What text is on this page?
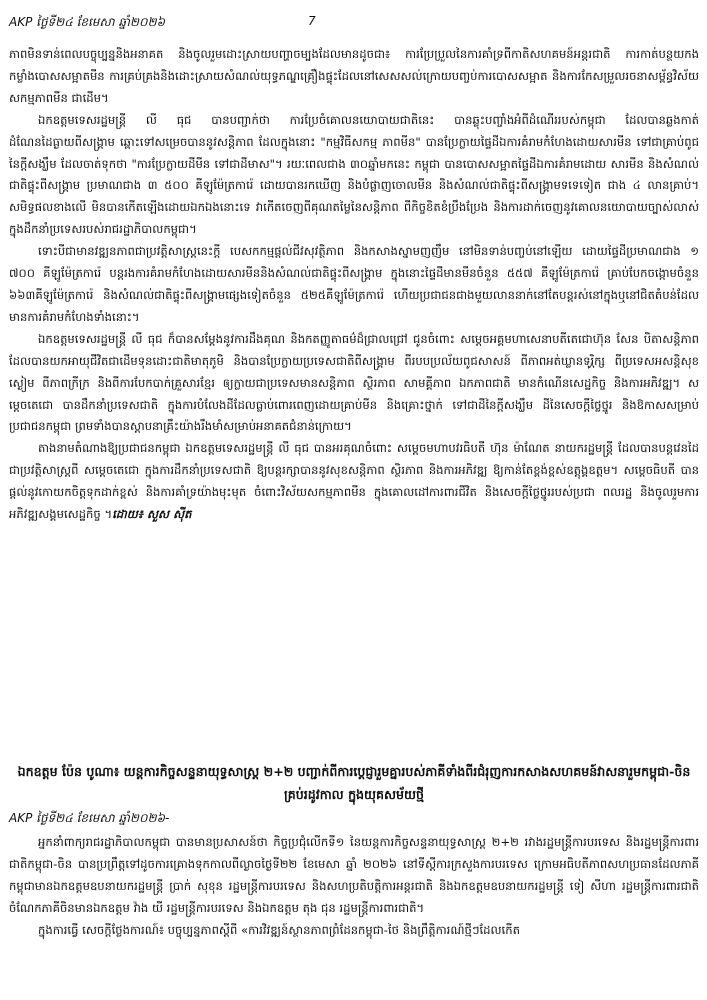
AKP ថ្ងៃទី២៤ ខែមេសា ឆ្នាំ២០២៦	7

ភាពមិនទាន់ពេលបច្ចុប្បន្ននិងអនាគត និងចូលរួមដោះស្រាយបញ្ហាចម្បងដែលមានដូចជា៖ ការប្រែប្រួលនៃការគាំទ្រពីកាតិសហគមន៍អន្តរជាតិ ការកាត់បន្ថយកងកម្លាំងបោសសម្អាតមីន ការគ្រប់គ្រងនិងដោះស្រាយសំណល់យុទ្ធភណ្ឌគ្រឿងផ្ទុះដែលនៅសេសសល់ក្រោយបញ្ចប់ការបោសសម្អាត និងការកែសម្រួលរចនាសម្ព័ន្ធវិស័យសកម្មភាពមីន ជាដើម។

ឯកឧត្តមទេសរដ្ឋមន្ត្រី លី ធុជ បានបញ្ជាក់ថា ការប្រែចំគោលនយោបាយជាតិនេះ បានឆ្លុះបញ្ចាំងអំពីដំណើររបស់កម្ពុជា ដែលបានឆ្លងកាត់ដំណែនដៃធ្ងាយពីសង្គ្រាម ឆ្ពោះទៅសម្រេចបាននូវសន្តិភាព ដែលក្នុងនោះ "កម្មវិធីសកម្ម ភាពមីន" បានប្រែក្លាយផ្ទៃដីឯការគំរាមកំហែងដោយសារមីន ទៅជាគ្រាប់ពូជនៃក្តីសង្ឃឹម ដែលចាត់ទុកថា "ការប្រែក្លាយដីមីន ទៅជាដីមាស"។ រយៈពេលជាង ៣០ឆ្នាំមកនេះ កម្ពុជា បានបោសសម្អាតផ្ទៃដីឯការគំរាមដោយ សារមីន និងសំណល់ជាតិផ្ទុះពីសង្គ្រាម ប្រមាណជាង ៣ ៥០០ គីឡូម៉ែត្រការ៉េ ដោយបានរកឃើញ និងបំផ្លាញចោលមីន និងសំណល់ជាតិផ្ទុះពីសង្គ្រាមទទេទៀត ជាង ៤ លានគ្រាប់។ សមិទ្ធផលខាងលើ មិនបានកើតឡើងដោយឯកឯងនោះទេ វាកើតចេញពីគុណតម្លៃនៃសន្តិភាព ពីកិច្ចខិតខំប្រឹងប្រែង និងការដាក់ចេញនូវគោលនយោបាយច្បាស់លាស់ក្នុងដឹកនាំប្រទេសរបស់រាជរដ្ឋាភិបាលកម្ពុជា។

ទោះបីជាមានវឌ្ឍនភាពជាប្រវត្តិសាស្ត្រនេះក្តី បេសកកម្មផ្តល់ជីវសុវត្ថិភាព និងកសាងស្នាមញញឹម នៅមិនទាន់បញ្ចប់នៅឡើយ ដោយផ្ទៃដីប្រមាណជាង ១ ៧០០ គីឡូម៉ែត្រការ៉េ បន្តរងការគំរាមកំហែងដោយសារមីននិងសំណល់ជាតិផ្ទុះពីសង្គ្រាម ក្នុងនោះផ្ទៃដីមានមីនចំនួន ៥៥៧ គីឡូម៉ែត្រការ៉េ គ្រាប់បែកចង្កោមចំនួន ៦៦៣គីឡូម៉ែត្រការ៉េ និងសំណល់ជាតិផ្ទុះពីសង្គ្រាមផ្សេងទៀតចំនួន ៥២៥គីឡូម៉ែត្រការ៉េ ហើយប្រជាជនជាងមួយលាននាក់នៅតែបន្តរស់នៅក្នុងឬនៅជិតតំបន់ដែលមានការគំរាមកំហែងទាំងនោះ។

ឯកឧត្តមទេសរដ្ឋមន្ត្រី លី ធុជ ក៏បានសម្តែងនូវការដឹងគុណ និងកតញ្ញូតាធម៌ដ៏ជ្រាលជ្រៅ ជូនចំពោះ សម្តេចអគ្គមហាសេនាបតីតេជោហ៊ុន សែន បិតាសន្តិភាព ដែលបានយកអាយុជីវិតជាដើមទុនដោះជាតិមាតុភូមិ និងបានប្រែក្លាយប្រទេសជាតិពីសង្គ្រាម ពីរបបប្រល័យពូជសាសន៍ ពីភាពអត់ឃ្លានទុរ្ភិក្ស ពីប្រទេសអសន្តិសុខស្ងៀម ពីភាពក្រីក្រ និងពីការបែកបាក់គ្រួសារខ្មែរ ឲ្យក្លាយជាប្រទេសមានសន្តិភាព ស្ថិរភាព សាមគ្គីភាព ឯកភាពជាតិ មានកំណើនសេដ្ឋកិច្ច និងការអភិវឌ្ឍ។ សម្តេចតេជោ បានដឹកនាំប្រទេសជាតិ ក្នុងការបំលែងដីដែលធ្លាប់ពោរពេញដោយគ្រាប់មីន និងគ្រោះថ្នាក់ ទៅជាដីនៃក្តីសង្ឃឹម ដីនៃសេចក្តីថ្លៃថ្នូរ និងឱកាសសម្រាប់ប្រជាជនកម្ពុជា ព្រមទាំងបានស្តាបនាគ្រឹះយ៉ាងរឹងមាំសម្រាប់អនាគតជំនាន់ក្រោយ។

តាងនាមតំណាងឱ្យប្រជាជនកម្ពុជា ឯកឧត្តមទេសរដ្ឋមន្ត្រី លី ធុជ បានអរគុណចំពោះ សម្តេចមហាបវរធិបតី ហ៊ុន ម៉ាណែត នាយករដ្ឋមន្ត្រី ដែលបានបន្តវេនដៃជាប្រវត្តិសាស្ត្រពី សម្តេចតេជោ ក្នុងការដឹកនាំប្រទេសជាតិ ឱ្យបន្តរក្សាបាននូវសុខសន្តិភាព ស្ថិរភាព និងការអភិវឌ្ឍ ឱ្យកាន់តែខ្ពង់ខ្ពស់ឧត្តុង្គឧត្តម។ សម្តេចធិបតី បានផ្តល់នូវកោយកចិត្តទុកដាក់ខ្ពស់ និងការគាំទ្រយ៉ាងមុះមុត ចំពោះវិស័យសកម្មភាពមីន ក្នុងគោលដៅការពារជីវិត និងសេចក្តីថ្លៃថ្នូររបស់ប្រជា ពលរដ្ឋ និងចូលរួមការអភិវឌ្ឍសង្គមសេដ្ឋកិច្ច ។ដោយ៖ សួស ស៊ីត

ឯកឧត្តម ប៉ែន បូណា៖ យន្តការកិច្ចសន្ទនាយុទ្ធសាស្ត្រ ២+២ បញ្ជាក់ពីការប្ដេជ្ញារួមគ្នារបស់ភាគីទាំងពីរជំរុញការកសាងសហគមន៍វាសនារួមកម្ពុជា-ចិន គ្រប់រដូវកាល ក្នុងយុគសម័យថ្មី

AKP ថ្ងៃទី២៤ ខែមេសា ឆ្នាំ២០២៦-

អ្នកនាំពាក្យរាជរដ្ឋាភិបាលកម្ពុជា បានមានប្រសាសន៍ថា កិច្ចប្រជុំលើកទី១ នៃយន្តការកិច្ចសន្ទនាយុទ្ធសាស្ត្រ ២+២ រវាងរដ្ឋមន្ត្រីការបរទេស និងរដ្ឋមន្ត្រីការពារជាតិកម្ពុជា-ចិន បានប្រព្រឹត្តទៅដូចការគ្រោងទុកកាលពីល្ងាចថ្ងៃទី២២ ខែមេសា ឆ្នាំ ២០២៦ នៅទីស្តីការក្រសួងការបរទេស ក្រោមអធិបតីភាពសហប្រធានដែលភាគីកម្ពុជាមានឯកឧត្តមឧបនាយករដ្ឋមន្ត្រី ប្រាក់ សុខុន រដ្ឋមន្ត្រីការបរទេស និងសហប្រតិបត្តិការអន្តរជាតិ និងឯកឧត្តមឧបនាយករដ្ឋមន្ត្រី ទៀ សីហា រដ្ឋមន្ត្រីការពារជាតិ ចំណែកភាគីចិនមានឯកឧត្តម វ៉ាង យី រដ្ឋមន្ត្រីការបរទេស និងឯកឧត្តម តុង ជុន រដ្ឋមន្ត្រីការពារជាតិ។

ក្នុងការធ្វើ សេចក្តីថ្លែងការណ៍៖ បច្ចុប្បន្នភាពស្តីពី «ការវិវឌ្ឍន៍ស្ថានភាពព្រំដែនកម្ពុជា-ថៃ និងព្រឹត្តិការណ៍ថ្មីៗដែលកើត
